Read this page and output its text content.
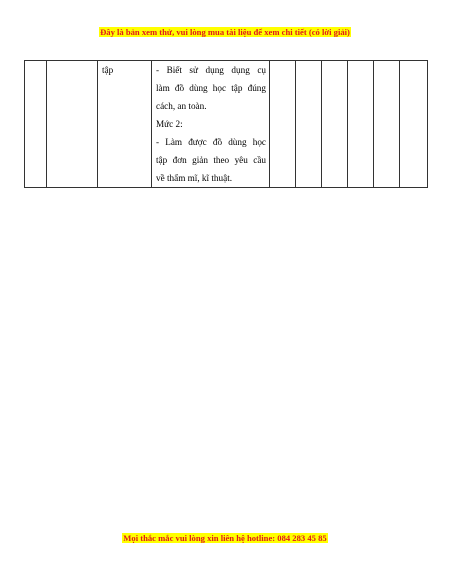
Đây là bản xem thử, vui lòng mua tài liệu để xem chi tiết (có lời giải)
		tập	- Biết sử dụng dụng cụ
làm đồ dùng học tập đúng
cách, an toàn.
Mức 2:
- Làm được đồ dùng học
tập đơn giản theo yêu cầu
về thẩm mĩ, kĩ thuật.

Mọi thắc mắc vui lòng xin liên hệ hotline: 084 283 45 85
